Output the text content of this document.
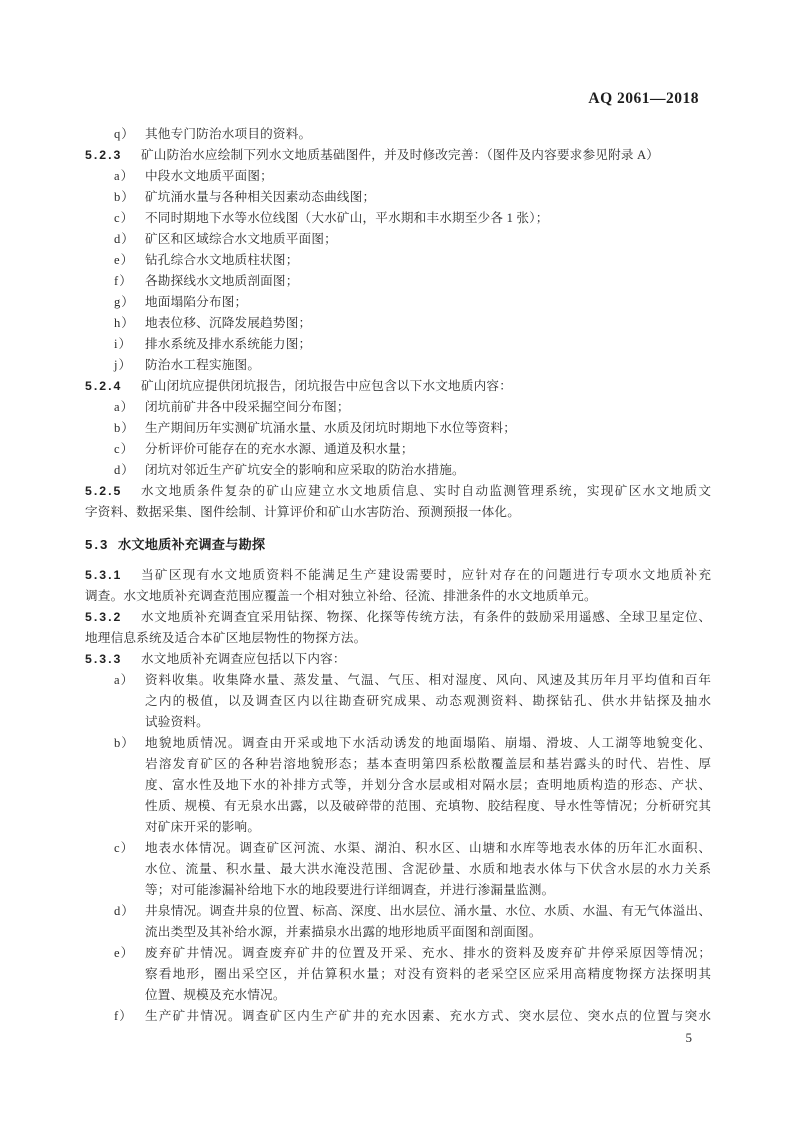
AQ 2061—2018
q） 其他专门防治水项目的资料。
5.2.3 矿山防治水应绘制下列水文地质基础图件，并及时修改完善：（图件及内容要求参见附录 A）
a） 中段水文地质平面图；
b） 矿坑涌水量与各种相关因素动态曲线图；
c） 不同时期地下水等水位线图（大水矿山，平水期和丰水期至少各 1 张）；
d） 矿区和区域综合水文地质平面图；
e） 钻孔综合水文地质柱状图；
f） 各勘探线水文地质剖面图；
g） 地面塌陷分布图；
h） 地表位移、沉降发展趋势图；
i） 排水系统及排水系统能力图；
j） 防治水工程实施图。
5.2.4 矿山闭坑应提供闭坑报告，闭坑报告中应包含以下水文地质内容：
a） 闭坑前矿井各中段采掘空间分布图；
b） 生产期间历年实测矿坑涌水量、水质及闭坑时期地下水位等资料；
c） 分析评价可能存在的充水水源、通道及积水量；
d） 闭坑对邻近生产矿坑安全的影响和应采取的防治水措施。
5.2.5 水文地质条件复杂的矿山应建立水文地质信息、实时自动监测管理系统，实现矿区水文地质文
字资料、数据采集、图件绘制、计算评价和矿山水害防治、预测预报一体化。
5.3 水文地质补充调查与勘探
5.3.1 当矿区现有水文地质资料不能满足生产建设需要时，应针对存在的问题进行专项水文地质补充
调查。水文地质补充调查范围应覆盖一个相对独立补给、径流、排泄条件的水文地质单元。
5.3.2 水文地质补充调查宜采用钻探、物探、化探等传统方法，有条件的鼓励采用遥感、全球卫星定位、
地理信息系统及适合本矿区地层物性的物探方法。
5.3.3 水文地质补充调查应包括以下内容：
a） 资料收集。收集降水量、蒸发量、气温、气压、相对湿度、风向、风速及其历年月平均值和百年
之内的极值，以及调查区内以往勘查研究成果、动态观测资料、勘探钻孔、供水井钻探及抽水
试验资料。
b） 地貌地质情况。调查由开采或地下水活动诱发的地面塌陷、崩塌、滑坡、人工湖等地貌变化、
岩溶发育矿区的各种岩溶地貌形态；基本查明第四系松散覆盖层和基岩露头的时代、岩性、厚
度、富水性及地下水的补排方式等，并划分含水层或相对隔水层；查明地质构造的形态、产状、
性质、规模、有无泉水出露，以及破碎带的范围、充填物、胶结程度、导水性等情况；分析研究其
对矿床开采的影响。
c） 地表水体情况。调查矿区河流、水渠、湖泊、积水区、山塘和水库等地表水体的历年汇水面积、
水位、流量、积水量、最大洪水淹没范围、含泥砂量、水质和地表水体与下伏含水层的水力关系
等；对可能渗漏补给地下水的地段要进行详细调查，并进行渗漏量监测。
d） 井泉情况。调查井泉的位置、标高、深度、出水层位、涌水量、水位、水质、水温、有无气体溢出、
流出类型及其补给水源，并素描泉水出露的地形地质平面图和剖面图。
e） 废弃矿井情况。调查废弃矿井的位置及开采、充水、排水的资料及废弃矿井停采原因等情况；
察看地形，圈出采空区，并估算积水量；对没有资料的老采空区应采用高精度物探方法探明其
位置、规模及充水情况。
f） 生产矿井情况。调查矿区内生产矿井的充水因素、充水方式、突水层位、突水点的位置与突水
5
